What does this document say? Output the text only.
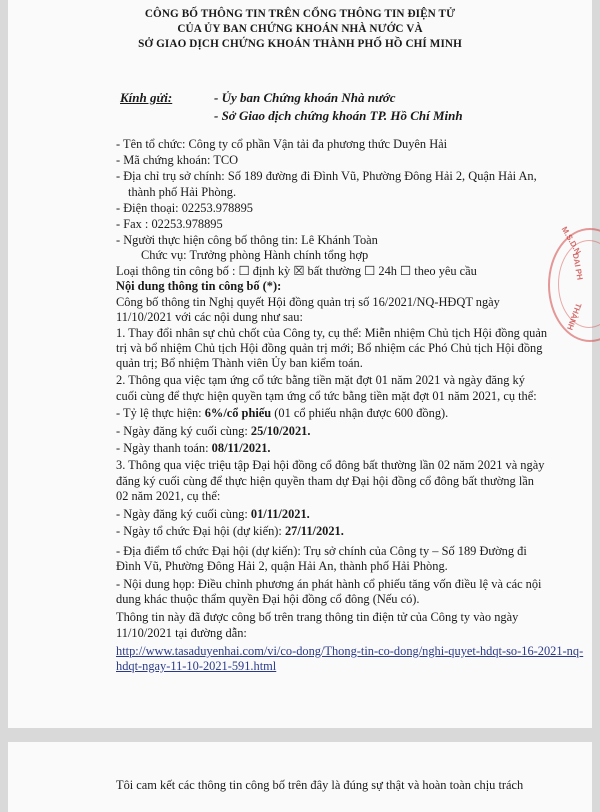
CÔNG BỐ THÔNG TIN TRÊN CỔNG THÔNG TIN ĐIỆN TỬ
CỦA ỦY BAN CHỨNG KHOÁN NHÀ NƯỚC VÀ
SỞ GIAO DỊCH CHỨNG KHOÁN THÀNH PHỐ HỒ CHÍ MINH
Kính gửi:	- Ủy ban Chứng khoán Nhà nước
- Sở Giao dịch chứng khoán TP. Hồ Chí Minh
- Tên tổ chức: Công ty cổ phần Vận tải đa phương thức Duyên Hải
- Mã chứng khoán: TCO
- Địa chỉ trụ sở chính: Số 189 đường đi Đình Vũ, Phường Đông Hải 2, Quận Hải An,
thành phố Hải Phòng.
- Điện thoại: 02253.978895
- Fax : 02253.978895
- Người thực hiện công bố thông tin: Lê Khánh Toàn
Chức vụ: Trưởng phòng Hành chính tổng hợp
Loại thông tin công bố : ☐ định kỳ ☒ bất thường ☐ 24h ☐ theo yêu cầu
Nội dung thông tin công bố (*):
Công bố thông tin Nghị quyết Hội đồng quản trị số 16/2021/NQ-HĐQT ngày
11/10/2021 với các nội dung như sau:
1. Thay đổi nhân sự chủ chốt của Công ty, cụ thể: Miễn nhiệm Chủ tịch Hội đồng quản
trị và bổ nhiệm Chủ tịch Hội đồng quản trị mới; Bổ nhiệm các Phó Chủ tịch Hội đồng
quản trị; Bổ nhiệm Thành viên Ủy ban kiểm toán.
2. Thông qua việc tạm ứng cổ tức bằng tiền mặt đợt 01 năm 2021 và ngày đăng ký
cuối cùng để thực hiện quyền tạm ứng cổ tức bằng tiền mặt đợt 01 năm 2021, cụ thể:
- Tỷ lệ thực hiện: 6%/cổ phiếu (01 cổ phiếu nhận được 600 đồng).
- Ngày đăng ký cuối cùng: 25/10/2021.
- Ngày thanh toán: 08/11/2021.
3. Thông qua việc triệu tập Đại hội đồng cổ đông bất thường lần 02 năm 2021 và ngày
đăng ký cuối cùng để thực hiện quyền tham dự Đại hội đồng cổ đông bất thường lần
02 năm 2021, cụ thể:
- Ngày đăng ký cuối cùng: 01/11/2021.
- Ngày tổ chức Đại hội (dự kiến): 27/11/2021.
- Địa điểm tổ chức Đại hội (dự kiến): Trụ sở chính của Công ty – Số 189 Đường đi
Đình Vũ, Phường Đông Hải 2, quận Hải An, thành phố Hải Phòng.
- Nội dung họp: Điều chỉnh phương án phát hành cổ phiếu tăng vốn điều lệ và các nội
dung khác thuộc thẩm quyền Đại hội đồng cổ đông (Nếu có).
Thông tin này đã được công bố trên trang thông tin điện tử của Công ty vào ngày
11/10/2021 tại đường dẫn:
http://www.tasaduyenhai.com/vi/co-dong/Thong-tin-co-dong/nghi-quyet-hdqt-so-16-2021-nq-
hdqt-ngay-11-10-2021-591.html
DAI PH
M.S.D.N
THÀNH
Tôi cam kết các thông tin công bố trên đây là đúng sự thật và hoàn toàn chịu trách
